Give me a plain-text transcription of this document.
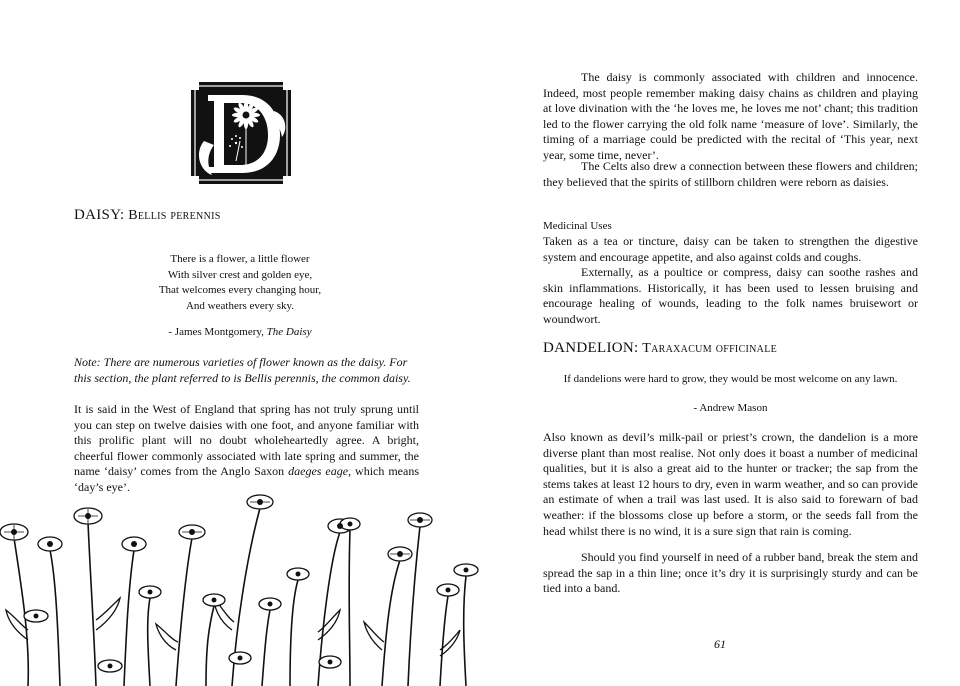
DAISY: Bellis perennis
There is a flower, a little flower
With silver crest and golden eye,
That welcomes every changing hour,
And weathers every sky.
- James Montgomery, The Daisy
Note: There are numerous varieties of flower known as the daisy. For this section, the plant referred to is Bellis perennis, the common daisy.
It is said in the West of England that spring has not truly sprung until you can step on twelve daisies with one foot, and anyone familiar with this prolific plant will no doubt wholeheartedly agree. A bright, cheerful flower commonly associated with late spring and summer, the name ‘daisy’ comes from the Anglo Saxon daeges eage, which means ‘day’s eye’.
The daisy is commonly associated with children and innocence. Indeed, most people remember making daisy chains as children and playing at love divination with the ‘he loves me, he loves me not’ chant; this tradition led to the flower carrying the old folk name ‘measure of love’. Similarly, the timing of a marriage could be predicted with the recital of ‘This year, next year, some time, never’.
The Celts also drew a connection between these flowers and children; they believed that the spirits of stillborn children were reborn as daisies.
Medicinal Uses
Taken as a tea or tincture, daisy can be taken to strengthen the digestive system and encourage appetite, and also against colds and coughs.
Externally, as a poultice or compress, daisy can soothe rashes and skin inflammations. Historically, it has been used to lessen bruising and encourage healing of wounds, leading to the folk names bruisewort or woundwort.
DANDELION: Taraxacum officinale
If dandelions were hard to grow, they would be most welcome on any lawn.
- Andrew Mason
Also known as devil’s milk-pail or priest’s crown, the dandelion is a more diverse plant than most realise. Not only does it boast a number of medicinal qualities, but it is also a great aid to the hunter or tracker; the sap from the stems takes at least 12 hours to dry, even in warm weather, and so can provide an estimate of when a trail was last used. It is also said to forewarn of bad weather: if the blossoms close up before a storm, or the seeds fall from the head whilst there is no wind, it is a sure sign that rain is coming.
Should you find yourself in need of a rubber band, break the stem and spread the sap in a thin line; once it’s dry it is surprisingly sturdy and can be tied into a band.
61
